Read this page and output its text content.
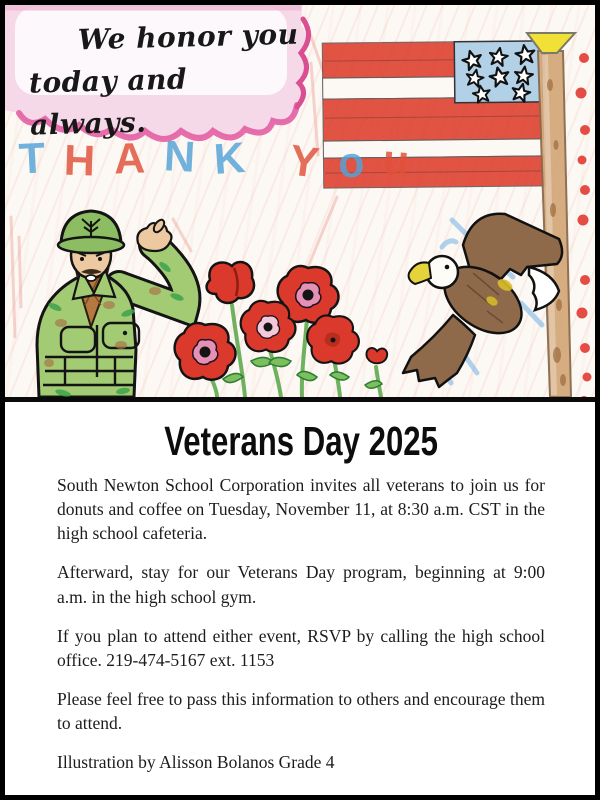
We honor you
today and always.
T H A N K Y o u
Veterans Day 2025

South Newton School Corporation invites all veterans to join us for donuts and coffee on Tuesday, November 11, at 8:30 a.m. CST in the high school cafeteria.

Afterward, stay for our Veterans Day program, beginning at 9:00 a.m. in the high school gym.

If you plan to attend either event, RSVP by calling the high school office. 219-474-5167 ext. 1153

Please feel free to pass this information to others and encourage them to attend.

Illustration by Alisson Bolanos Grade 4
